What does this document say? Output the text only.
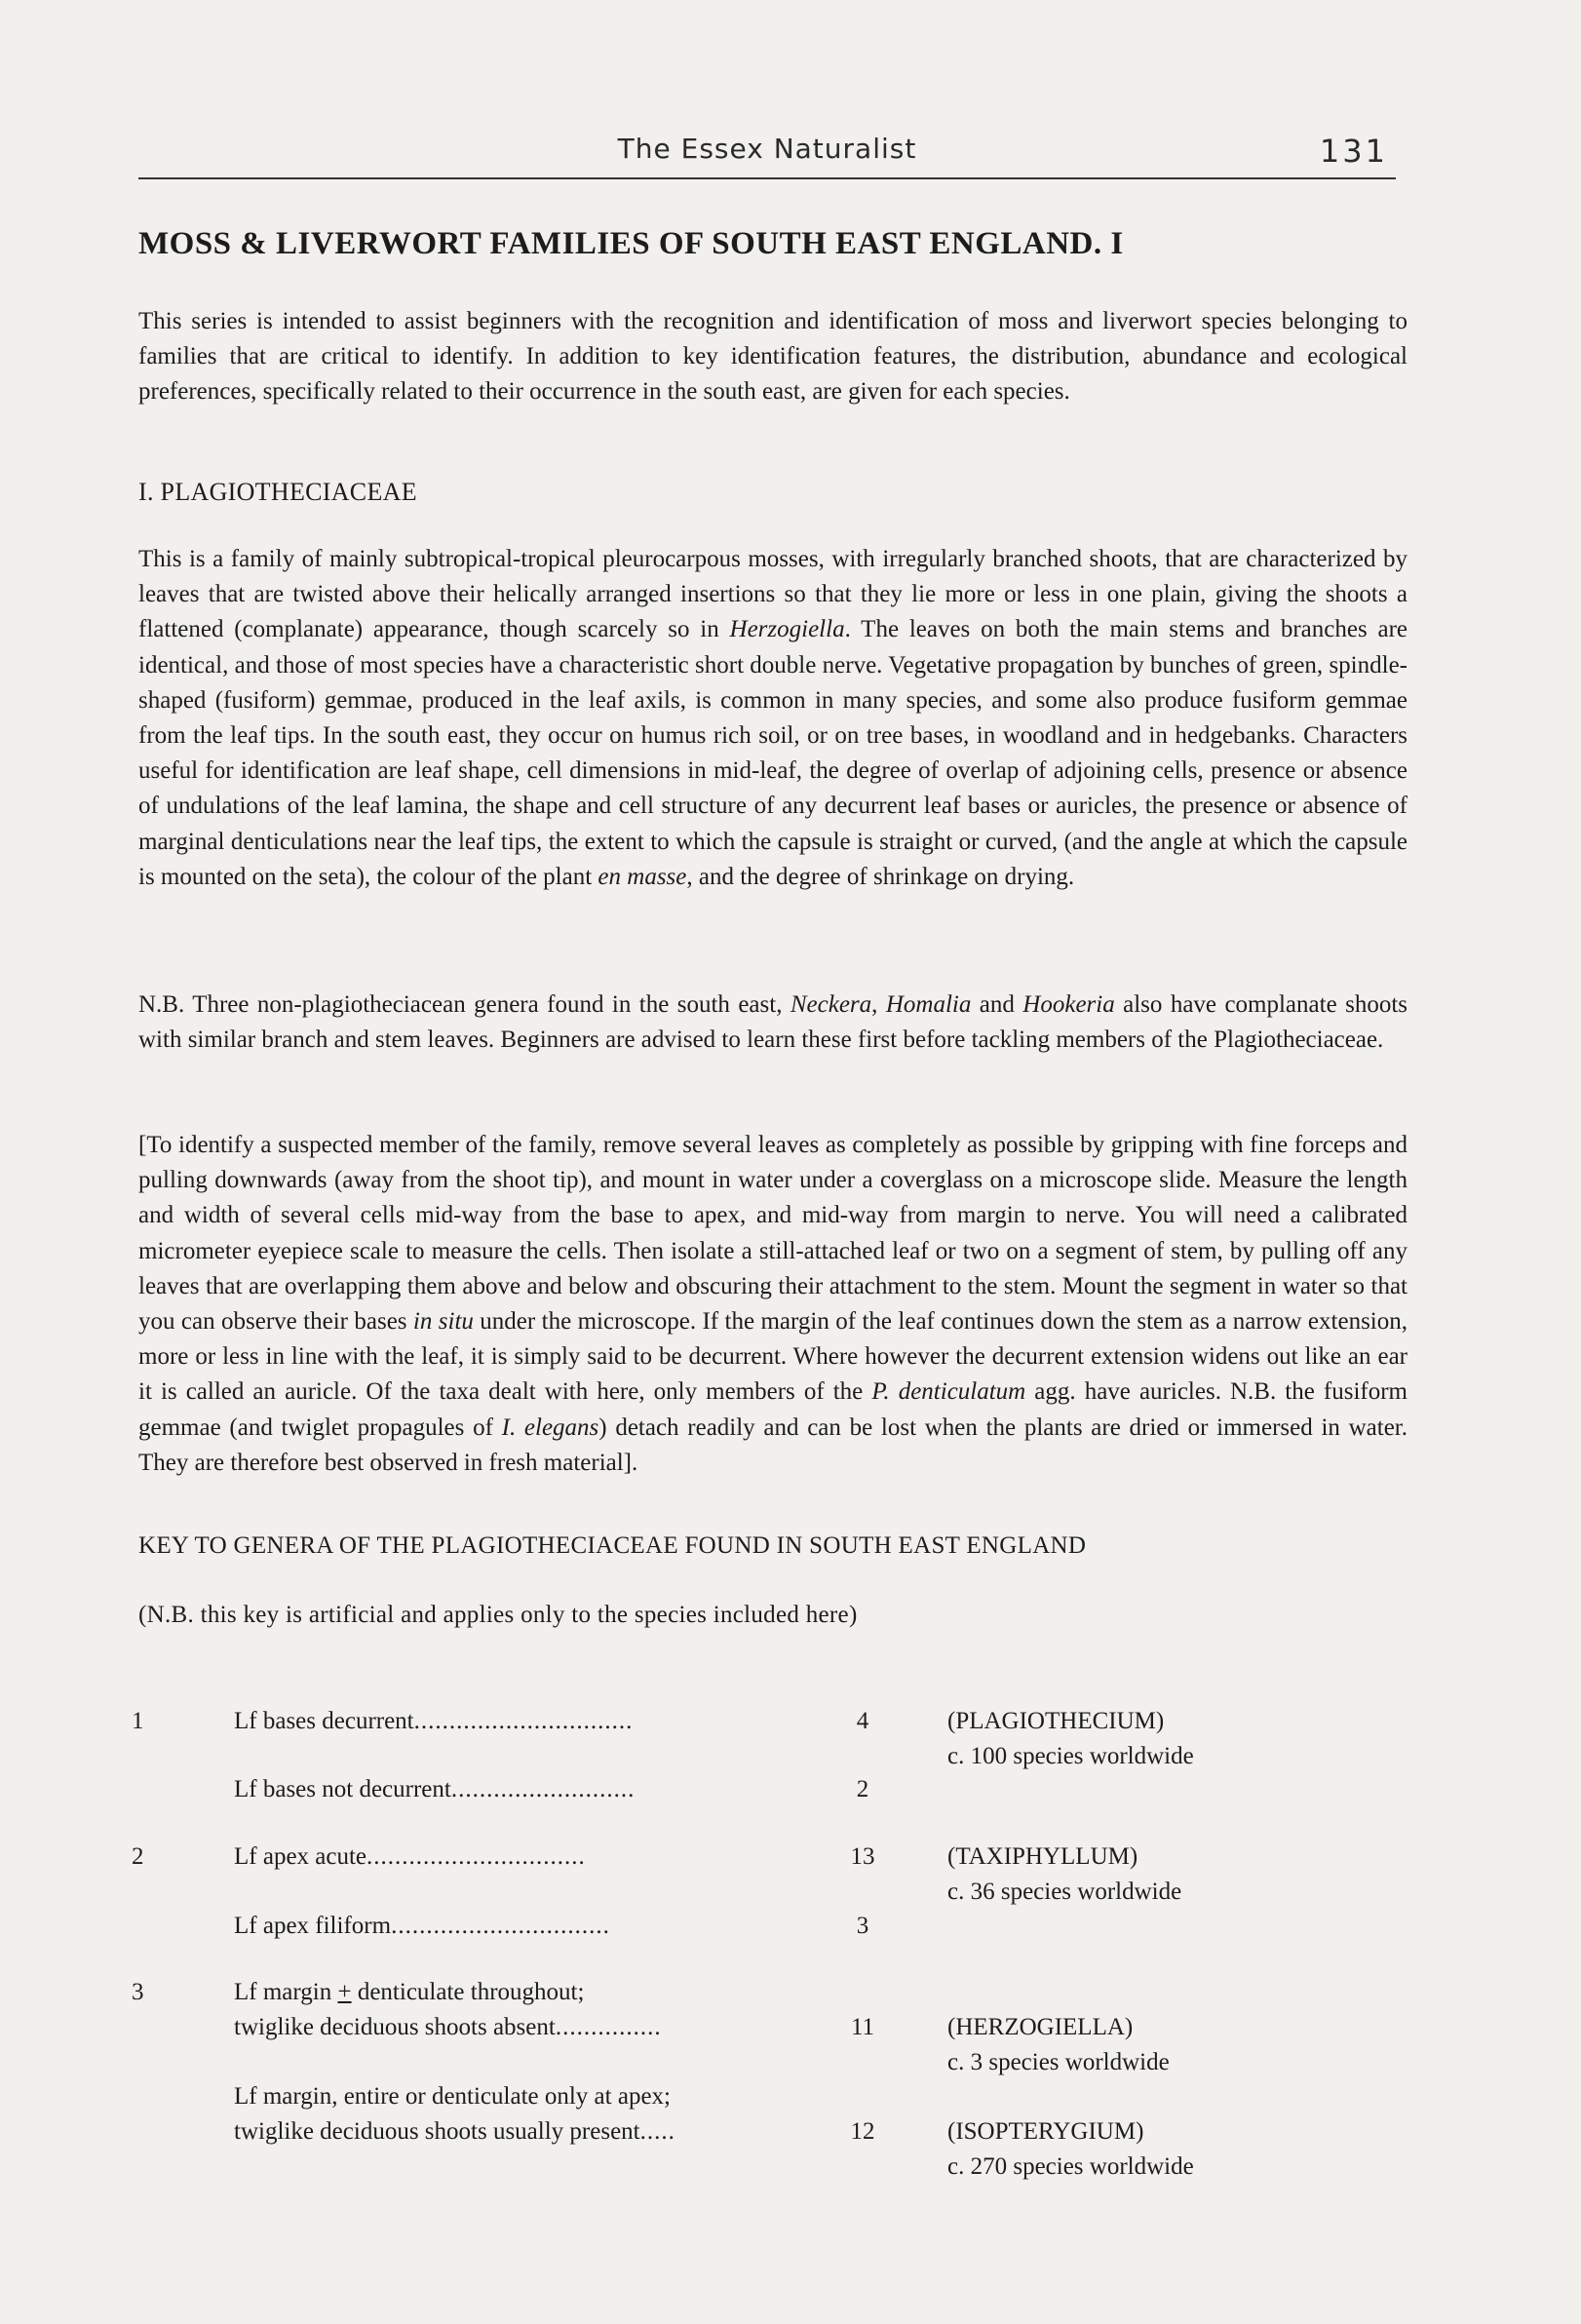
The Essex Naturalist	131
MOSS & LIVERWORT FAMILIES OF SOUTH EAST ENGLAND. I

This series is intended to assist beginners with the recognition and identification of moss and liverwort species belonging to families that are critical to identify. In addition to key identification features, the distribution, abundance and ecological preferences, specifically related to their occurrence in the south east, are given for each species.

I. PLAGIOTHECIACEAE

This is a family of mainly subtropical-tropical pleurocarpous mosses, with irregularly branched shoots, that are characterized by leaves that are twisted above their helically arranged insertions so that they lie more or less in one plain, giving the shoots a flattened (complanate) appearance, though scarcely so in Herzogiella. The leaves on both the main stems and branches are identical, and those of most species have a characteristic short double nerve. Vegetative propagation by bunches of green, spindle-shaped (fusiform) gemmae, produced in the leaf axils, is common in many species, and some also produce fusiform gemmae from the leaf tips. In the south east, they occur on humus rich soil, or on tree bases, in woodland and in hedgebanks. Characters useful for identification are leaf shape, cell dimensions in mid-leaf, the degree of overlap of adjoining cells, presence or absence of undulations of the leaf lamina, the shape and cell structure of any decurrent leaf bases or auricles, the presence or absence of marginal denticulations near the leaf tips, the extent to which the capsule is straight or curved, (and the angle at which the capsule is mounted on the seta), the colour of the plant en masse, and the degree of shrinkage on drying.

N.B. Three non-plagiotheciacean genera found in the south east, Neckera, Homalia and Hookeria also have complanate shoots with similar branch and stem leaves. Beginners are advised to learn these first before tackling members of the Plagiotheciaceae.

[To identify a suspected member of the family, remove several leaves as completely as possible by gripping with fine forceps and pulling downwards (away from the shoot tip), and mount in water under a coverglass on a microscope slide. Measure the length and width of several cells mid-way from the base to apex, and mid-way from margin to nerve. You will need a calibrated micrometer eyepiece scale to measure the cells. Then isolate a still-attached leaf or two on a segment of stem, by pulling off any leaves that are overlapping them above and below and obscuring their attachment to the stem. Mount the segment in water so that you can observe their bases in situ under the microscope. If the margin of the leaf continues down the stem as a narrow extension, more or less in line with the leaf, it is simply said to be decurrent. Where however the decurrent extension widens out like an ear it is called an auricle. Of the taxa dealt with here, only members of the P. denticulatum agg. have auricles. N.B. the fusiform gemmae (and twiglet propagules of I. elegans) detach readily and can be lost when the plants are dried or immersed in water. They are therefore best observed in fresh material].

KEY TO GENERA OF THE PLAGIOTHECIACEAE FOUND IN SOUTH EAST ENGLAND
(N.B. this key is artificial and applies only to the species included here)
1	Lf bases decurrent...............................	4	(PLAGIOTHECIUM)
c. 100 species worldwide
Lf bases not decurrent..........................	2
2	Lf apex acute...............................	13	(TAXIPHYLLUM)
c. 36 species worldwide
Lf apex filiform...............................	3
3	Lf margin + denticulate throughout;
twiglike deciduous shoots absent...............	11	(HERZOGIELLA)
c. 3 species worldwide
Lf margin, entire or denticulate only at apex;
twiglike deciduous shoots usually present.....	12	(ISOPTERYGIUM)
c. 270 species worldwide
